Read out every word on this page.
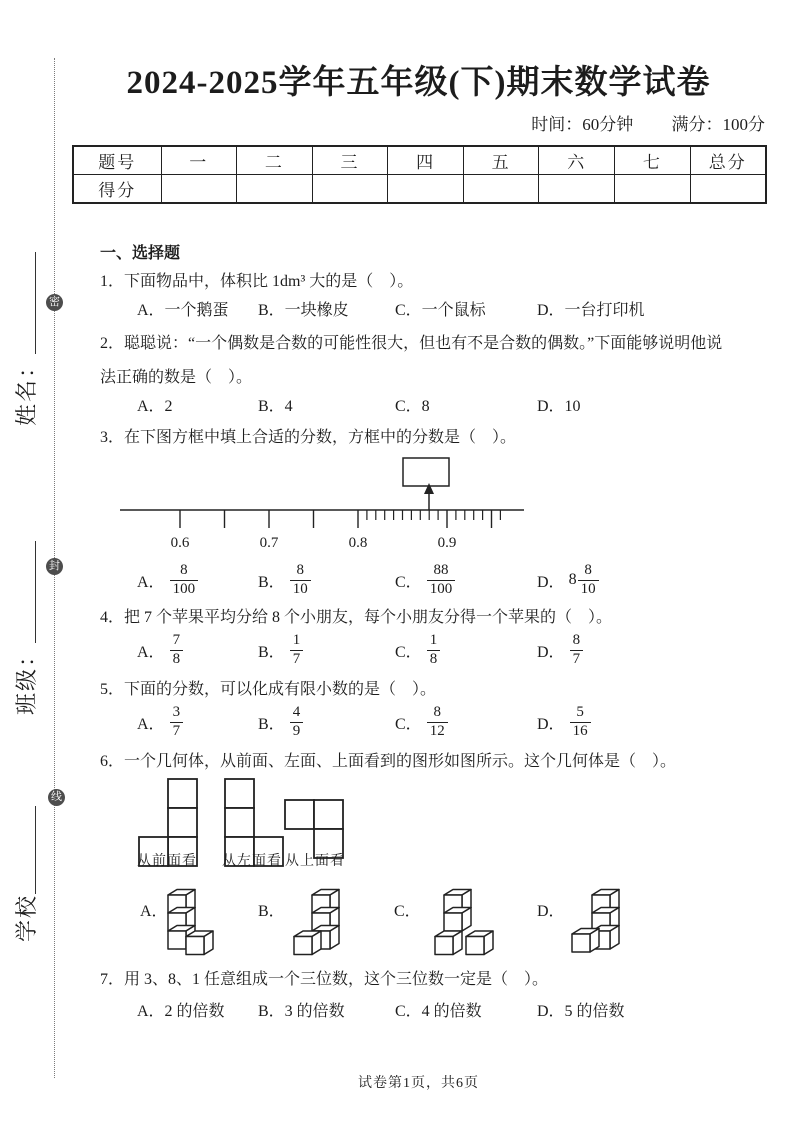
密
封
线
姓名：
班级：
学校
2024-2025学年五年级(下)期末数学试卷
时间：60分钟 满分：100分
题号	一	二	三	四	五	六	七	总分
得分								
一、选择题
1．下面物品中，体积比 1dm³ 大的是（　）。
A．一个鹅蛋 B．一块橡皮	C．一个鼠标	D．一台打印机
2．聪聪说：“一个偶数是合数的可能性很大，但也有不是合数的偶数。”下面能够说明他说
法正确的数是（　）。
A．2	B．4	C．8	D．10
3．在下图方框中填上合适的分数，方框中的分数是（　）。
0.6	0.7	0.8	0.9
A． $\frac{8}{100}$	B． $\frac{8}{10}$	C． $\frac{88}{100}$	D． $8 \frac{8}{10}$
4．把 7 个苹果平均分给 8 个小朋友，每个小朋友分得一个苹果的（　）。
A． $\frac{7}{8}$	B． $\frac{1}{7}$	C． $\frac{1}{8}$	D． $\frac{8}{7}$
5．下面的分数，可以化成有限小数的是（　）。
A． $\frac{3}{7}$	B． $\frac{4}{9}$	C． $\frac{8}{12}$	D． $\frac{5}{16}$
6．一个几何体，从前面、左面、上面看到的图形如图所示。这个几何体是（　）。
从前面看 从左面看 从上面看
A．	B．	C．	D．
7．用 3、8、1 任意组成一个三位数，这个三位数一定是（　）。
A．2 的倍数 B．3 的倍数	C．4 的倍数	D．5 的倍数
试卷第1页，共6页
